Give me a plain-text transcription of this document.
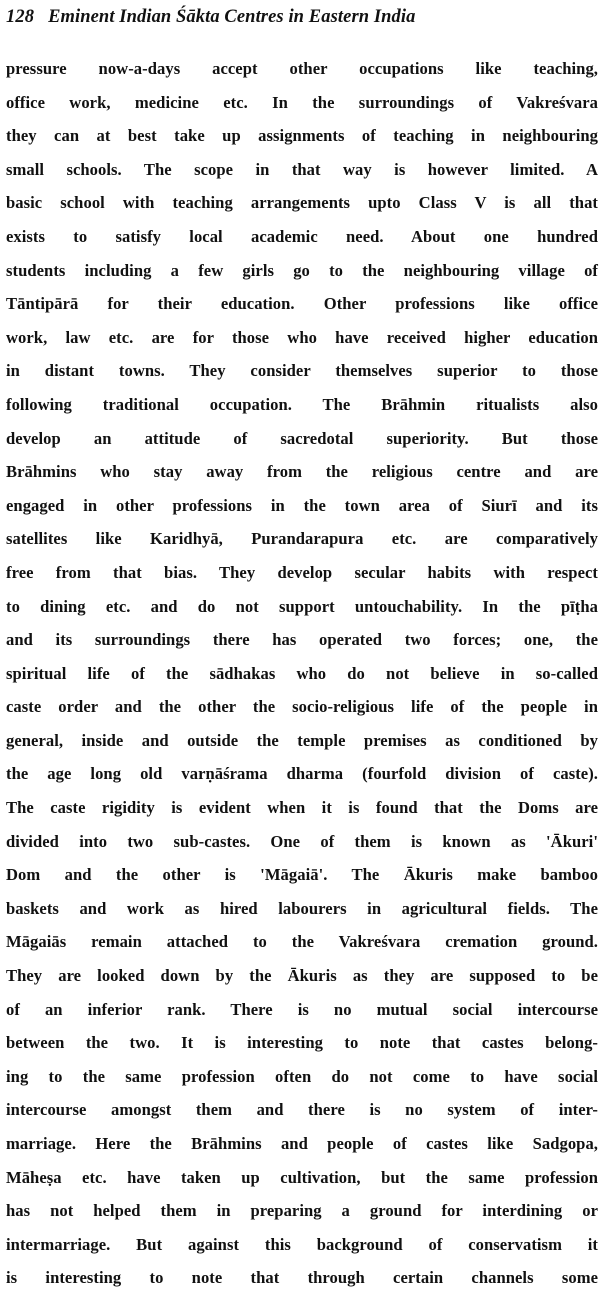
128 Eminent Indian Śākta Centres in Eastern India
pressure now-a-days accept other occupations like teaching,
office work, medicine etc. In the surroundings of Vakreśvara
they can at best take up assignments of teaching in neighbouring
small schools. The scope in that way is however limited. A
basic school with teaching arrangements upto Class V is all that
exists to satisfy local academic need. About one hundred
students including a few girls go to the neighbouring village of
Tāntipārā for their education. Other professions like office
work, law etc. are for those who have received higher education
in distant towns. They consider themselves superior to those
following traditional occupation. The Brāhmin ritualists also
develop an attitude of sacredotal superiority. But those
Brāhmins who stay away from the religious centre and are
engaged in other professions in the town area of Siurī and its
satellites like Karidhyā, Purandarapura etc. are comparatively
free from that bias. They develop secular habits with respect
to dining etc. and do not support untouchability. In the pīṭha
and its surroundings there has operated two forces; one, the
spiritual life of the sādhakas who do not believe in so-called
caste order and the other the socio-religious life of the people in
general, inside and outside the temple premises as conditioned by
the age long old varṇāśrama dharma (fourfold division of caste).
The caste rigidity is evident when it is found that the Doms are
divided into two sub-castes. One of them is known as 'Ākuri'
Dom and the other is 'Māgaiā'. The Ākuris make bamboo
baskets and work as hired labourers in agricultural fields. The
Māgaiās remain attached to the Vakreśvara cremation ground.
They are looked down by the Ākuris as they are supposed to be
of an inferior rank. There is no mutual social intercourse
between the two. It is interesting to note that castes belong-
ing to the same profession often do not come to have social
intercourse amongst them and there is no system of inter-
marriage. Here the Brāhmins and people of castes like Sadgopa,
Māheṣa etc. have taken up cultivation, but the same profession
has not helped them in preparing a ground for interdining or
intermarriage. But against this background of conservatism it
is interesting to note that through certain channels some
